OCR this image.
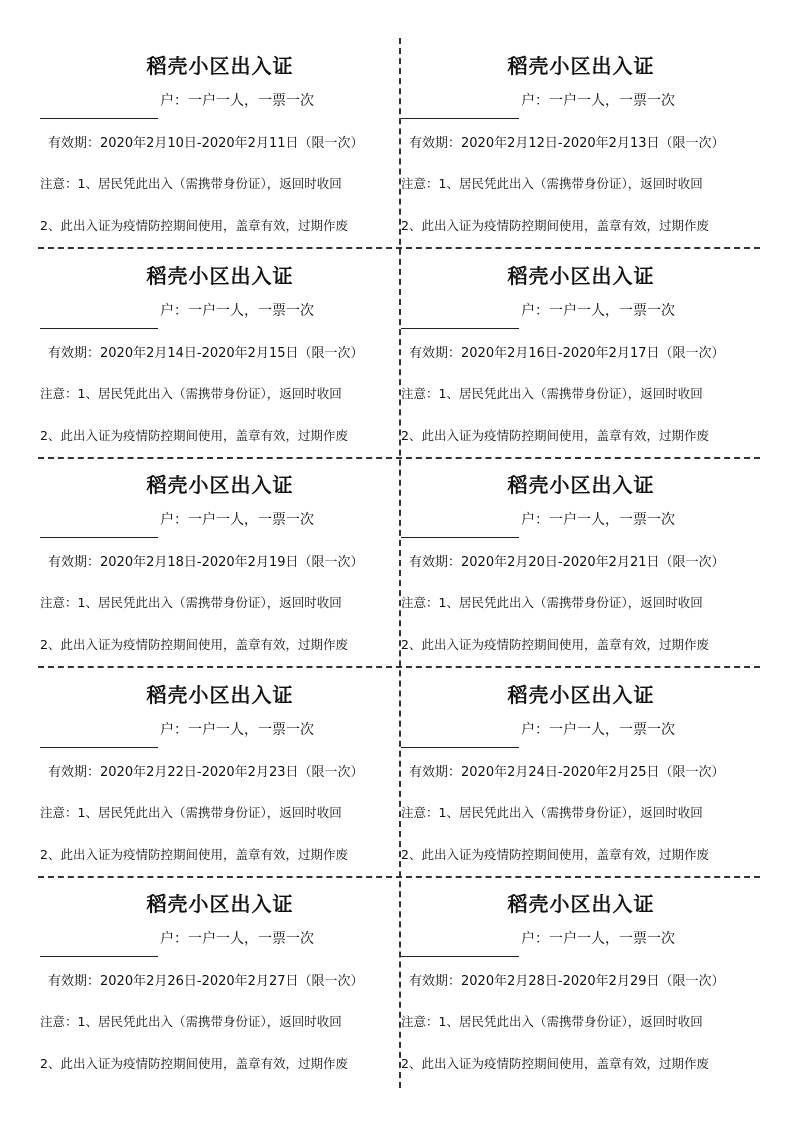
稻壳小区出入证
户：一户一人，一票一次
有效期：2020年2月10日-2020年2月11日（限一次）
注意：1、居民凭此出入（需携带身份证），返回时收回
2、此出入证为疫情防控期间使用，盖章有效，过期作废
稻壳小区出入证
户：一户一人，一票一次
有效期：2020年2月12日-2020年2月13日（限一次）
注意：1、居民凭此出入（需携带身份证），返回时收回
2、此出入证为疫情防控期间使用，盖章有效，过期作废
稻壳小区出入证
户：一户一人，一票一次
有效期：2020年2月14日-2020年2月15日（限一次）
注意：1、居民凭此出入（需携带身份证），返回时收回
2、此出入证为疫情防控期间使用，盖章有效，过期作废
稻壳小区出入证
户：一户一人，一票一次
有效期：2020年2月16日-2020年2月17日（限一次）
注意：1、居民凭此出入（需携带身份证），返回时收回
2、此出入证为疫情防控期间使用，盖章有效，过期作废
稻壳小区出入证
户：一户一人，一票一次
有效期：2020年2月18日-2020年2月19日（限一次）
注意：1、居民凭此出入（需携带身份证），返回时收回
2、此出入证为疫情防控期间使用，盖章有效，过期作废
稻壳小区出入证
户：一户一人，一票一次
有效期：2020年2月20日-2020年2月21日（限一次）
注意：1、居民凭此出入（需携带身份证），返回时收回
2、此出入证为疫情防控期间使用，盖章有效，过期作废
稻壳小区出入证
户：一户一人，一票一次
有效期：2020年2月22日-2020年2月23日（限一次）
注意：1、居民凭此出入（需携带身份证），返回时收回
2、此出入证为疫情防控期间使用，盖章有效，过期作废
稻壳小区出入证
户：一户一人，一票一次
有效期：2020年2月24日-2020年2月25日（限一次）
注意：1、居民凭此出入（需携带身份证），返回时收回
2、此出入证为疫情防控期间使用，盖章有效，过期作废
稻壳小区出入证
户：一户一人，一票一次
有效期：2020年2月26日-2020年2月27日（限一次）
注意：1、居民凭此出入（需携带身份证），返回时收回
2、此出入证为疫情防控期间使用，盖章有效，过期作废
稻壳小区出入证
户：一户一人，一票一次
有效期：2020年2月28日-2020年2月29日（限一次）
注意：1、居民凭此出入（需携带身份证），返回时收回
2、此出入证为疫情防控期间使用，盖章有效，过期作废
